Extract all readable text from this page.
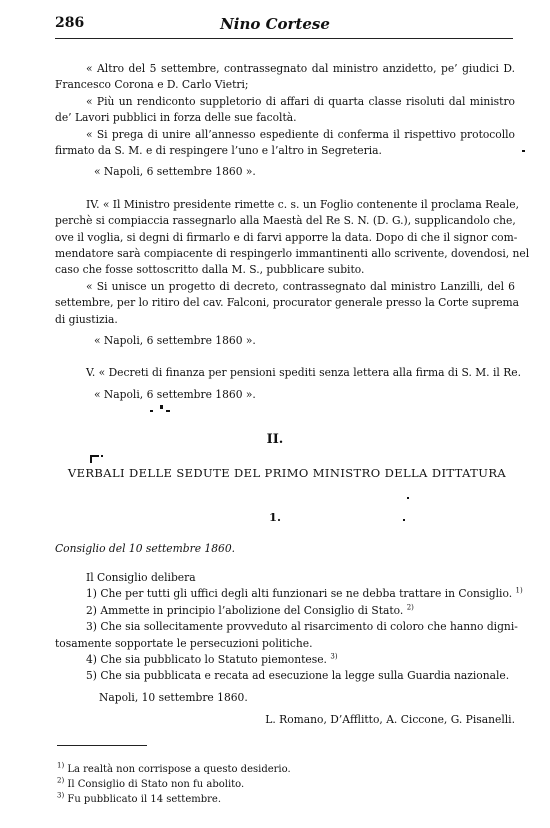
286	Nino Cortese
« Altro del 5 settembre, contrassegnato dal ministro anzidetto, pe’ giudici D.
Francesco Corona e D. Carlo Vietri;
« Più un rendiconto suppletorio di affari di quarta classe risoluti dal ministro
de’ Lavori pubblici in forza delle sue facoltà.
« Si prega di unire all’annesso espediente di conferma il rispettivo protocollo
firmato da S. M. e di respingere l’uno e l’altro in Segreteria.
« Napoli, 6 settembre 1860 ».
IV. « Il Ministro presidente rimette c. s. un Foglio contenente il proclama Reale,
perchè si compiaccia rassegnarlo alla Maestà del Re S. N. (D. G.), supplicandolo che,
ove il voglia, si degni di firmarlo e di farvi apporre la data. Dopo di che il signor com-
mendatore sarà compiacente di respingerlo immantinenti allo scrivente, dovendosi, nel
caso che fosse sottoscritto dalla M. S., pubblicare subito.
« Si unisce un progetto di decreto, contrassegnato dal ministro Lanzilli, del 6
settembre, per lo ritiro del cav. Falconi, procurator generale presso la Corte suprema
di giustizia.
« Napoli, 6 settembre 1860 ».
V. « Decreti di finanza per pensioni spediti senza lettera alla firma di S. M. il Re.
« Napoli, 6 settembre 1860 ».
II.
VERBALI DELLE SEDUTE DEL PRIMO MINISTRO DELLA DITTATURA
1.
Consiglio del 10 settembre 1860.
Il Consiglio delibera
1) Che per tutti gli uffici degli alti funzionari se ne debba trattare in Consiglio. $^{1)}$
2) Ammette in principio l’abolizione del Consiglio di Stato. $^{2)}$
3) Che sia sollecitamente provveduto al risarcimento di coloro che hanno digni-
tosamente sopportate le persecuzioni politiche.
4) Che sia pubblicato lo Statuto piemontese. $^{3)}$
5) Che sia pubblicata e recata ad esecuzione la legge sulla Guardia nazionale.
Napoli, 10 settembre 1860.
L. Romano, D’Afflitto, A. Ciccone, G. Pisanelli.
$^{1)}$ La realtà non corrispose a questo desiderio.
$^{2)}$ Il Consiglio di Stato non fu abolito.
$^{3)}$ Fu pubblicato il 14 settembre.
